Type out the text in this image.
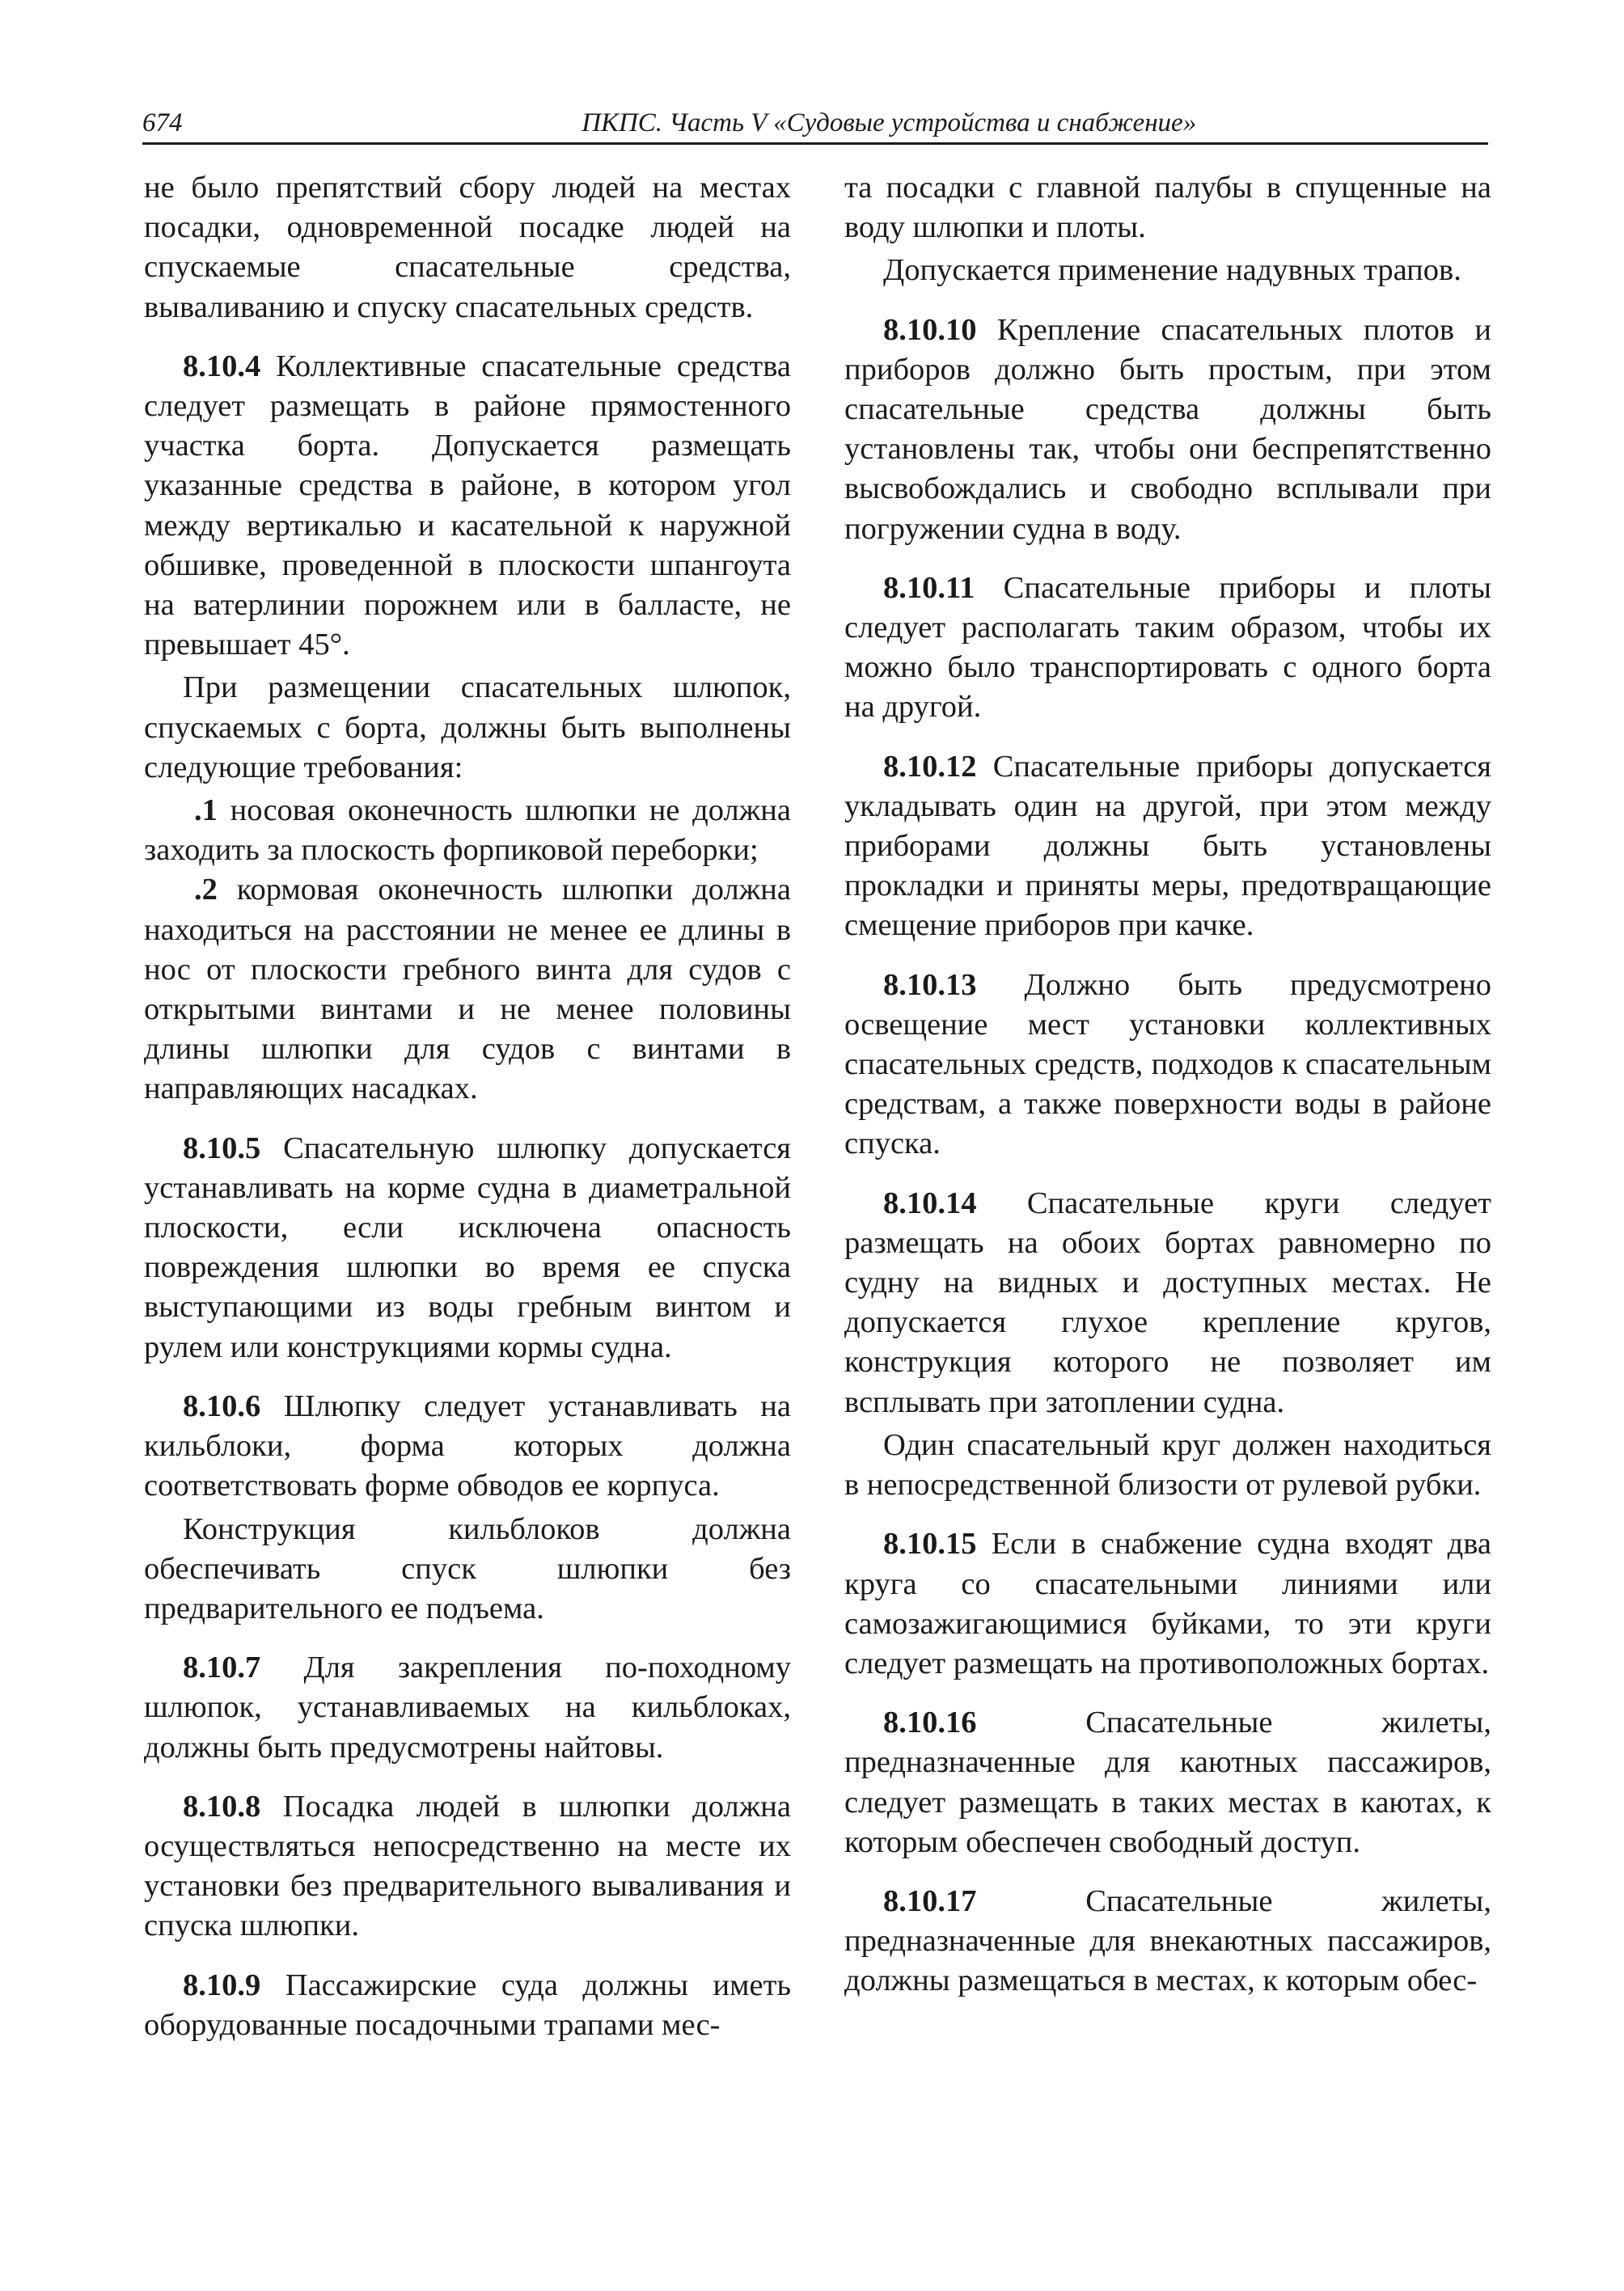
674	ПКПС. Часть V «Судовые устройства и снабжение»

не было препятствий сбору людей на местах посадки, одновременной посадке людей на спускаемые спасательные средства, вываливанию и спуску спасательных средств.

8.10.4 Коллективные спасательные средства следует размещать в районе прямостенного участка борта. Допускается размещать указанные средства в районе, в котором угол между вертикалью и касательной к наружной обшивке, проведенной в плоскости шпангоута на ватерлинии порожнем или в балласте, не превышает 45°.

При размещении спасательных шлюпок, спускаемых с борта, должны быть выполнены следующие требования:

.1 носовая оконечность шлюпки не должна заходить за плоскость форпиковой переборки;

.2 кормовая оконечность шлюпки должна находиться на расстоянии не менее ее длины в нос от плоскости гребного винта для судов с открытыми винтами и не менее половины длины шлюпки для судов с винтами в направляющих насадках.

8.10.5 Спасательную шлюпку допускается устанавливать на корме судна в диаметральной плоскости, если исключена опасность повреждения шлюпки во время ее спуска выступающими из воды гребным винтом и рулем или конструкциями кормы судна.

8.10.6 Шлюпку следует устанавливать на кильблоки, форма которых должна соответствовать форме обводов ее корпуса.

Конструкция кильблоков должна обеспечивать спуск шлюпки без предварительного ее подъема.

8.10.7 Для закрепления по-походному шлюпок, устанавливаемых на кильблоках, должны быть предусмотрены найтовы.

8.10.8 Посадка людей в шлюпки должна осуществляться непосредственно на месте их установки без предварительного вываливания и спуска шлюпки.

8.10.9 Пассажирские суда должны иметь оборудованные посадочными трапами мес-

та посадки с главной палубы в спущенные на воду шлюпки и плоты.

Допускается применение надувных трапов.

8.10.10 Крепление спасательных плотов и приборов должно быть простым, при этом спасательные средства должны быть установлены так, чтобы они беспрепятственно высвобождались и свободно всплывали при погружении судна в воду.

8.10.11 Спасательные приборы и плоты следует располагать таким образом, чтобы их можно было транспортировать с одного борта на другой.

8.10.12 Спасательные приборы допускается укладывать один на другой, при этом между приборами должны быть установлены прокладки и приняты меры, предотвращающие смещение приборов при качке.

8.10.13 Должно быть предусмотрено освещение мест установки коллективных спасательных средств, подходов к спасательным средствам, а также поверхности воды в районе спуска.

8.10.14 Спасательные круги следует размещать на обоих бортах равномерно по судну на видных и доступных местах. Не допускается глухое крепление кругов, конструкция которого не позволяет им всплывать при затоплении судна.

Один спасательный круг должен находиться в непосредственной близости от рулевой рубки.

8.10.15 Если в снабжение судна входят два круга со спасательными линиями или самозажигающимися буйками, то эти круги следует размещать на противоположных бортах.

8.10.16 Спасательные жилеты, предназначенные для каютных пассажиров, следует размещать в таких местах в каютах, к которым обеспечен свободный доступ.

8.10.17 Спасательные жилеты, предназначенные для внекаютных пассажиров, должны размещаться в местах, к которым обес-
